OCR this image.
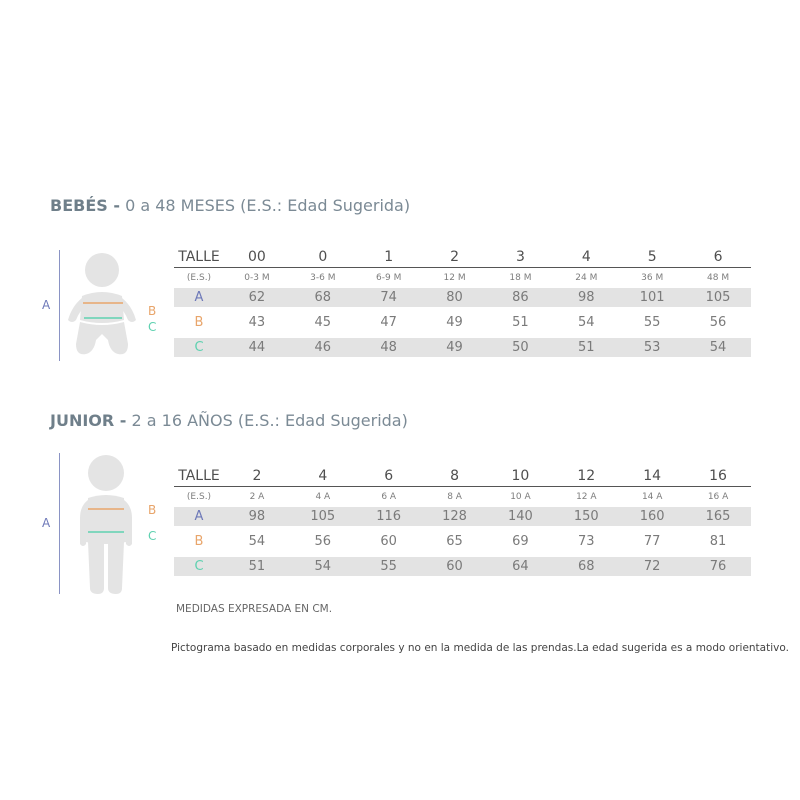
BEBÉS - 0 a 48 MESES (E.S.: Edad Sugerida)
A	B
C
TALLE	00	0	1	2	3	4	5	6
(E.S.)	0-3 M	3-6 M	6-9 M	12 M	18 M	24 M	36 M	48 M
A	62	68	74	80	86	98	101	105

B	43	45	47	49	51	54	55	56

C	44	46	48	49	50	51	53	54
JUNIOR - 2 a 16 AÑOS (E.S.: Edad Sugerida)
A
B
C
TALLE	2	4	6	8	10	12	14	16
(E.S.)	2 A	4 A	6 A	8 A	10 A	12 A	14 A	16 A
A	98	105	116	128	140	150	160	165

B	54	56	60	65	69	73	77	81

C	51	54	55	60	64	68	72	76
MEDIDAS EXPRESADA EN CM.
Pictograma basado en medidas corporales y no en la medida de las prendas.La edad sugerida es a modo orientativo.
